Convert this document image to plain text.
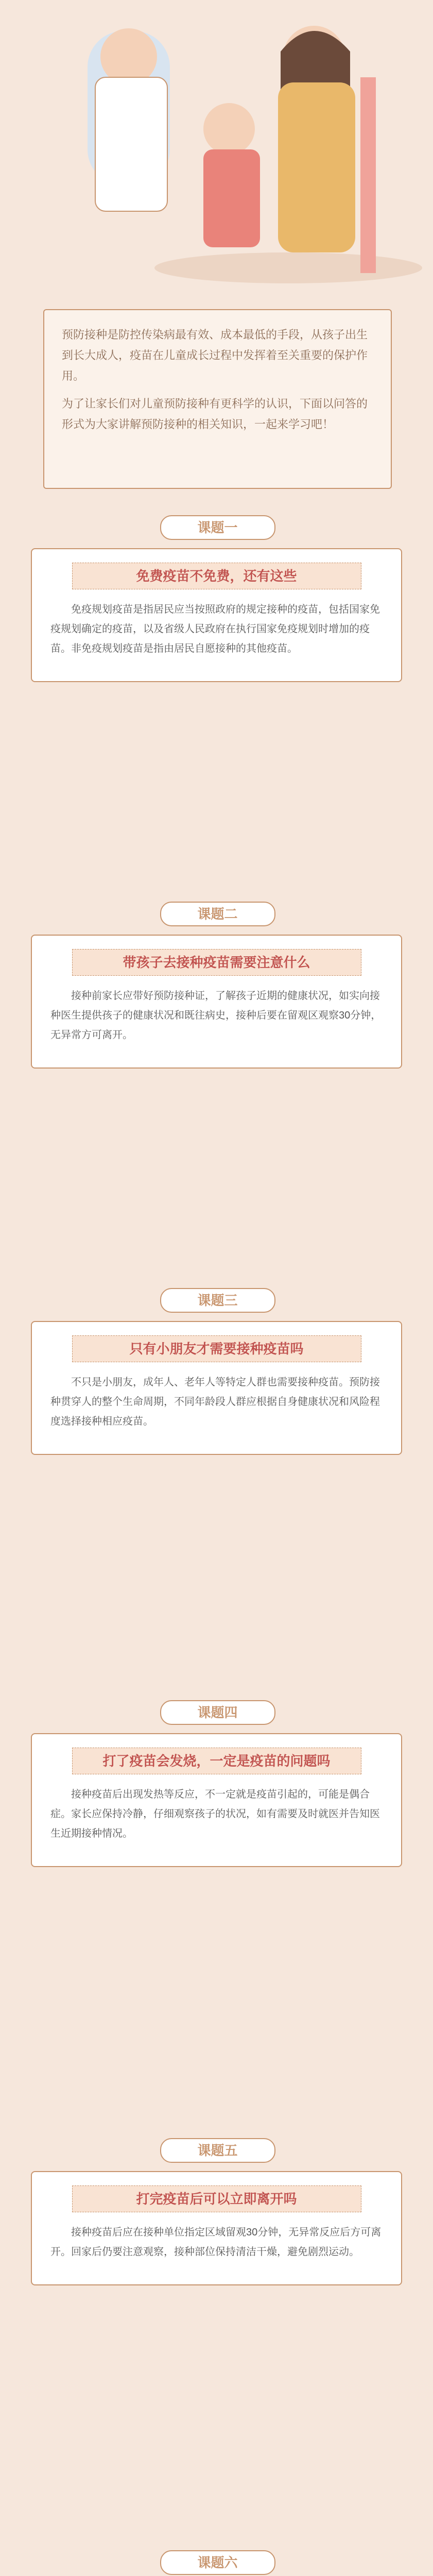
预防接种是防控传染病最有效、成本最低的手段，从孩子出生到长大成人，疫苗在儿童成长过程中发挥着至关重要的保护作用。

为了让家长们对儿童预防接种有更科学的认识，下面以问答的形式为大家讲解预防接种的相关知识，一起来学习吧！

课题一
免费疫苗不免费，还有这些

免疫规划疫苗是指居民应当按照政府的规定接种的疫苗，包括国家免疫规划确定的疫苗，以及省级人民政府在执行国家免疫规划时增加的疫苗。非免疫规划疫苗是指由居民自愿接种的其他疫苗。

课题二
带孩子去接种疫苗需要注意什么

接种前家长应带好预防接种证，了解孩子近期的健康状况，如实向接种医生提供孩子的健康状况和既往病史，接种后要在留观区观察30分钟，无异常方可离开。

课题三
只有小朋友才需要接种疫苗吗

不只是小朋友，成年人、老年人等特定人群也需要接种疫苗。预防接种贯穿人的整个生命周期，不同年龄段人群应根据自身健康状况和风险程度选择接种相应疫苗。

课题四
打了疫苗会发烧，一定是疫苗的问题吗

接种疫苗后出现发热等反应，不一定就是疫苗引起的，可能是偶合症。家长应保持冷静，仔细观察孩子的状况，如有需要及时就医并告知医生近期接种情况。

课题五
打完疫苗后可以立即离开吗

接种疫苗后应在接种单位指定区域留观30分钟，无异常反应后方可离开。回家后仍要注意观察，接种部位保持清洁干燥，避免剧烈运动。

课题六
